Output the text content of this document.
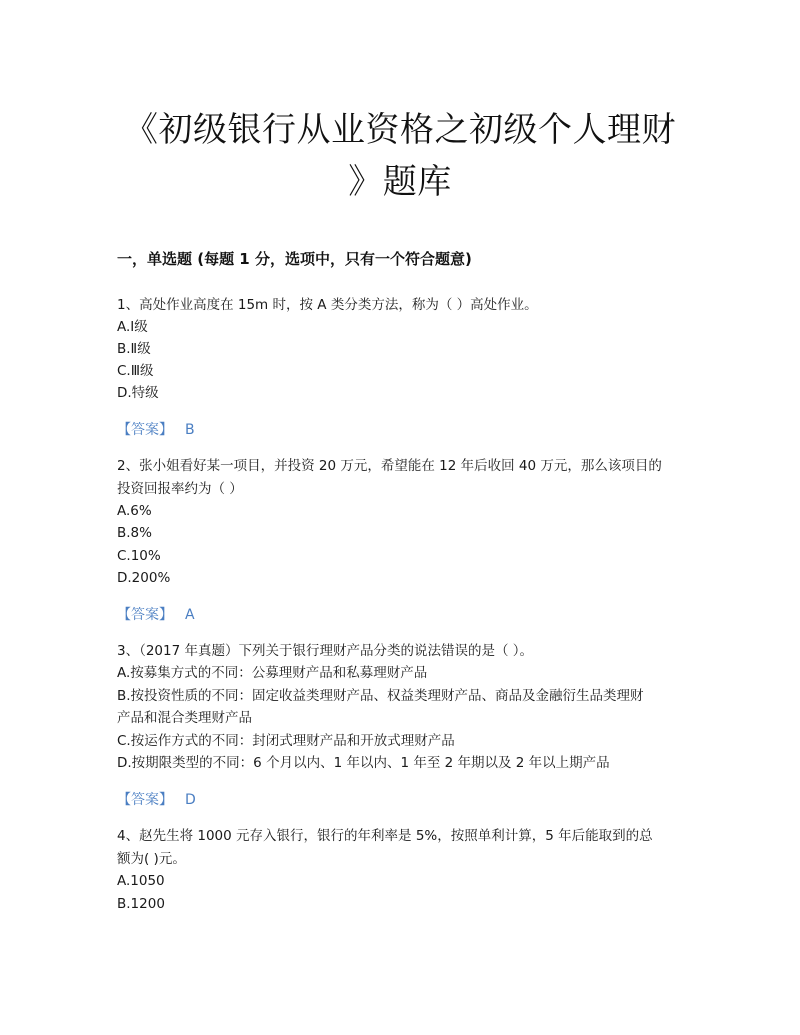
《初级银行从业资格之初级个人理财
》题库
一，单选题 (每题 1 分，选项中，只有一个符合题意)
1、高处作业高度在 15m 时，按 A 类分类方法，称为（ ）高处作业。
A.Ⅰ级
B.Ⅱ级
C.Ⅲ级
D.特级
【答案】 B
2、张小姐看好某一项目，并投资 20 万元，希望能在 12 年后收回 40 万元，那么该项目的
投资回报率约为（ ）
A.6%
B.8%
C.10%
D.200%
【答案】 A
3、（2017 年真题）下列关于银行理财产品分类的说法错误的是（ ）。
A.按募集方式的不同：公募理财产品和私募理财产品
B.按投资性质的不同：固定收益类理财产品、权益类理财产品、商品及金融衍生品类理财
产品和混合类理财产品
C.按运作方式的不同：封闭式理财产品和开放式理财产品
D.按期限类型的不同：6 个月以内、1 年以内、1 年至 2 年期以及 2 年以上期产品
【答案】 D
4、赵先生将 1000 元存入银行，银行的年利率是 5%，按照单利计算，5 年后能取到的总
额为( )元。
A.1050
B.1200
